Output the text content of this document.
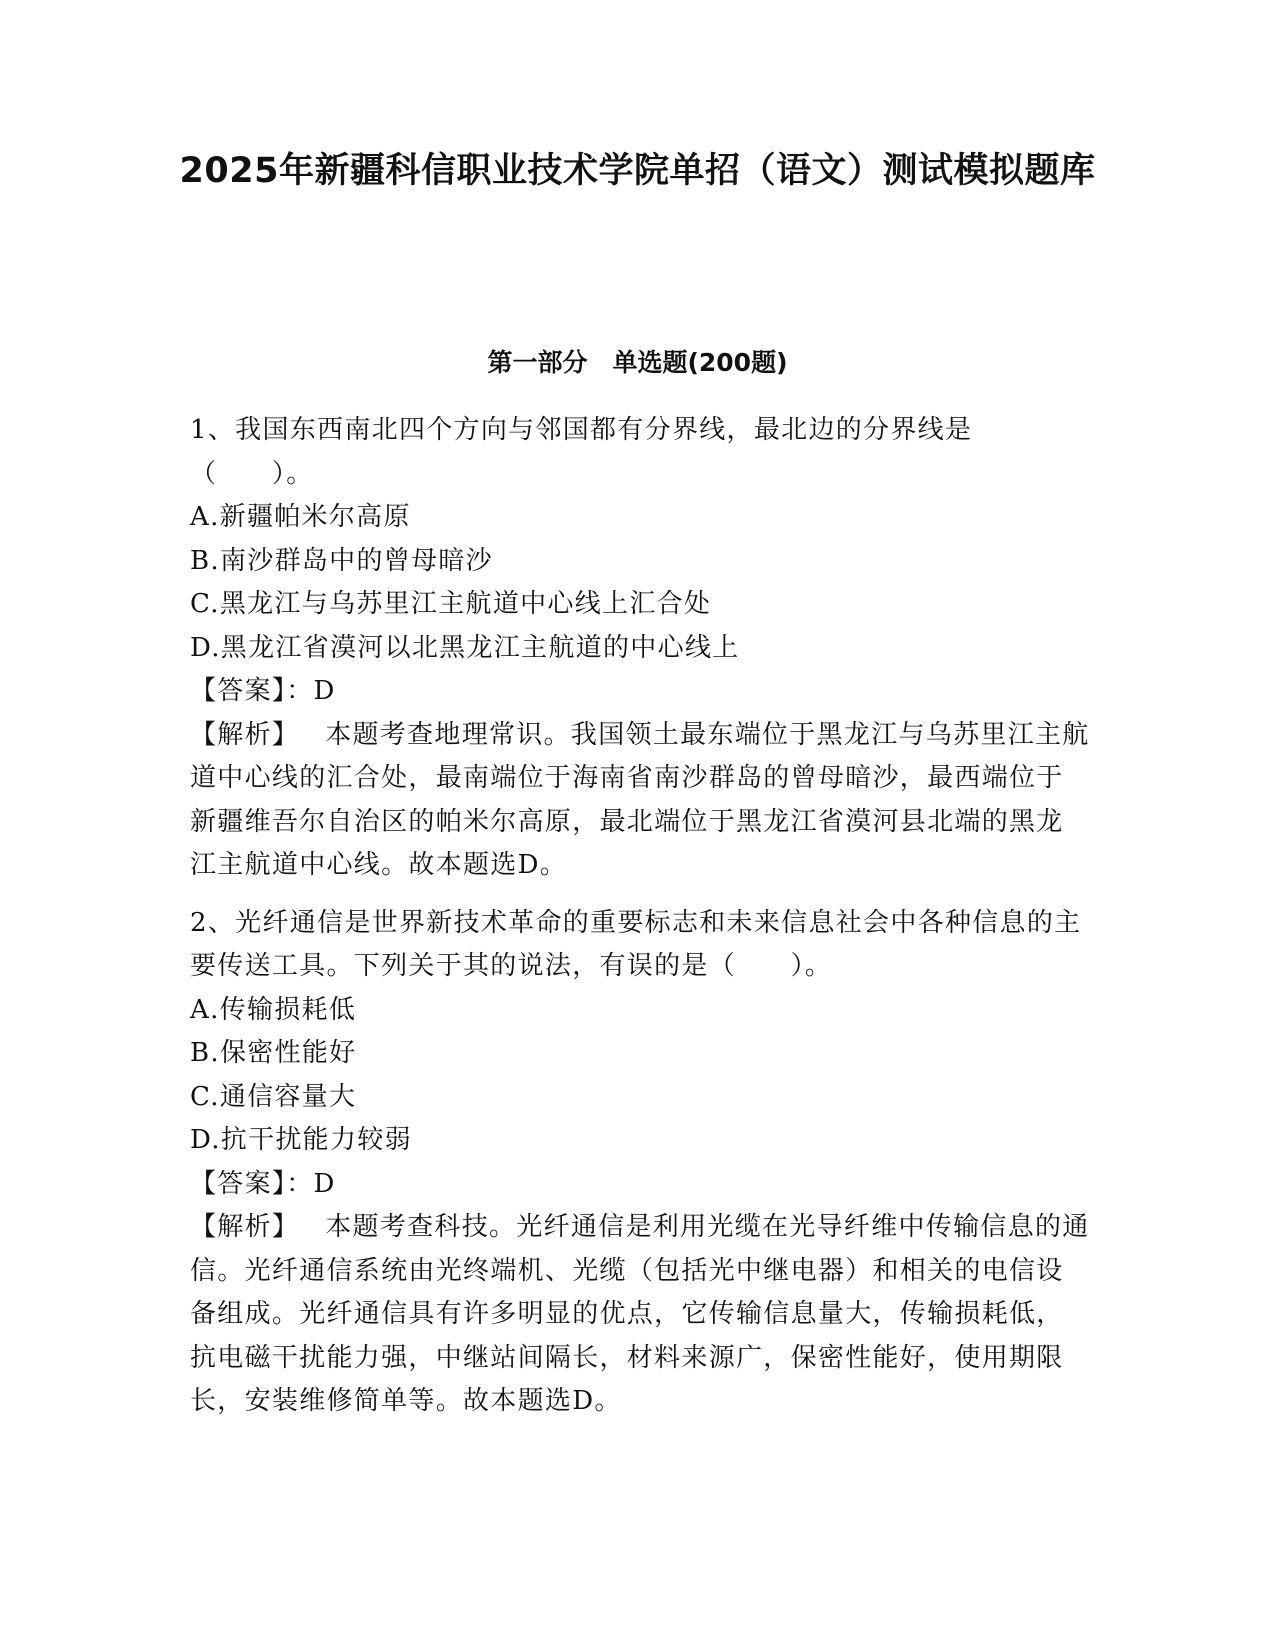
2025年新疆科信职业技术学院单招（语文）测试模拟题库
第一部分　单选题(200题)

1、我国东西南北四个方向与邻国都有分界线，最北边的分界线是（　　）。

A.新疆帕米尔高原

B.南沙群岛中的曾母暗沙

C.黑龙江与乌苏里江主航道中心线上汇合处

D.黑龙江省漠河以北黑龙江主航道的中心线上

【答案】：D

【解析】 本题考查地理常识。我国领土最东端位于黑龙江与乌苏里江主航道中心线的汇合处，最南端位于海南省南沙群岛的曾母暗沙，最西端位于新疆维吾尔自治区的帕米尔高原，最北端位于黑龙江省漠河县北端的黑龙江主航道中心线。故本题选D。

2、光纤通信是世界新技术革命的重要标志和未来信息社会中各种信息的主要传送工具。下列关于其的说法，有误的是（　　）。

A.传输损耗低

B.保密性能好

C.通信容量大

D.抗干扰能力较弱

【答案】：D

【解析】 本题考查科技。光纤通信是利用光缆在光导纤维中传输信息的通信。光纤通信系统由光终端机、光缆（包括光中继电器）和相关的电信设备组成。光纤通信具有许多明显的优点，它传输信息量大，传输损耗低，抗电磁干扰能力强，中继站间隔长，材料来源广，保密性能好，使用期限长，安装维修简单等。故本题选D。
